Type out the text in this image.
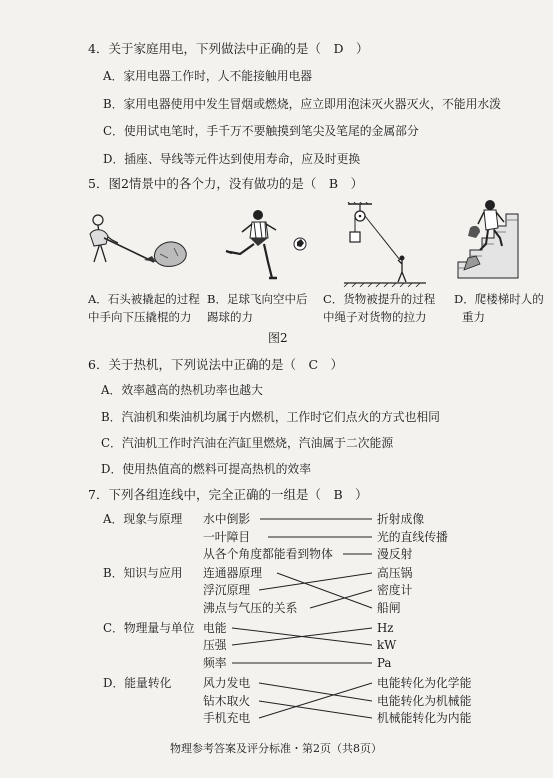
4．关于家庭用电，下列做法中正确的是（　D　）
A．家用电器工作时，人不能接触用电器
B．家用电器使用中发生冒烟或燃烧，应立即用泡沫灭火器灭火，不能用水泼
C．使用试电笔时，手千万不要触摸到笔尖及笔尾的金属部分
D．插座、导线等元件达到使用寿命，应及时更换
5．图2情景中的各个力，没有做功的是（　B　）
A．石头被撬起的过程
中手向下压撬棍的力
B．足球飞向空中后
踢球的力
C．货物被提升的过程
中绳子对货物的拉力
D．爬楼梯时人的
重力
图2
6．关于热机，下列说法中正确的是（　C　）
A．效率越高的热机功率也越大
B．汽油机和柴油机均属于内燃机，工作时它们点火的方式也相同
C．汽油机工作时汽油在汽缸里燃烧，汽油属于二次能源
D．使用热值高的燃料可提高热机的效率
7．下列各组连线中，完全正确的一组是（　B　）
A．现象与原理 水中倒影
一叶障目
从各个角度都能看到物体
折射成像
光的直线传播
漫反射
B．知识与应用 连通器原理
浮沉原理
沸点与气压的关系
高压锅
密度计
船闸
C．物理量与单位 电能
压强
频率
Hz
kW
Pa
D．能量转化	风力发电
钻木取火
手机充电
电能转化为化学能
电能转化为机械能
机械能转化为内能
物理参考答案及评分标准・第2页（共8页）
